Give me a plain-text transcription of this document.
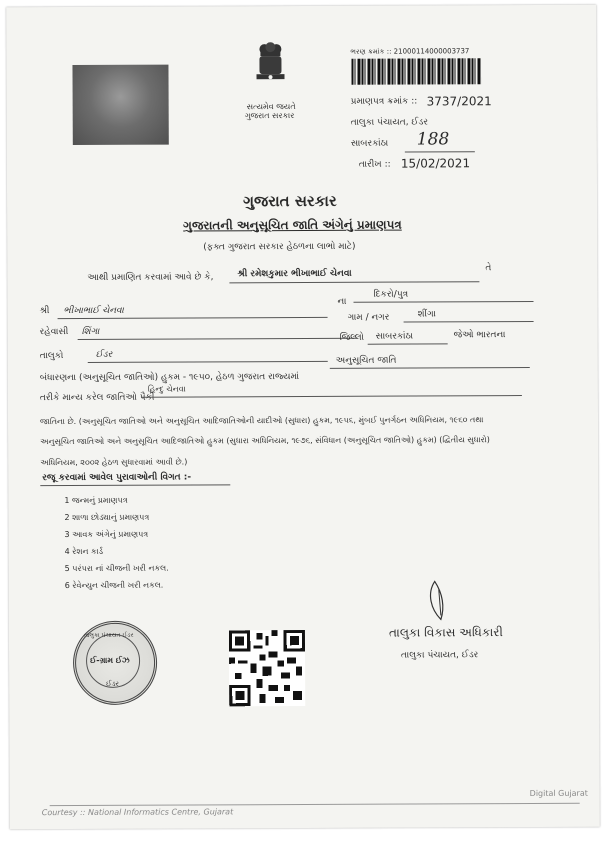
સત્યમેવ જયતે
ગુજરાત સરકાર
ભરણ ક્રમાંક :: 2100011400000373​7
પ્રમાણપત્ર ક્રમાંક :: 3737/2021
તાલુકા પંચાયત, ઈડર
સાબરકાંઠા 188
તારીખ :: 15/02/2021
ગુજરાત સરકાર
ગુજરાતની અનુસૂચિત જાતિ અંગેનું પ્રમાણપત્ર
(ફક્ત ગુજરાત સરકાર હેઠળના લાભો માટે)
આથી પ્રમાણિત કરવામાં આવે છે કે,	શ્રી રમેશકુમાર ભીખાભાઈ ચેનવા
તે
શ્રી ભીખાભાઈ ચેનવા
ના
દિકરો/પુત્ર
રહેવાસી શિંગા
ગામ / નગર	શીંગા
જિલ્લો સાબરકાંઠા	જેઓ ભારતના
તાલુકો	ઈડર
બંધારણના (અનુસૂચિત જાતિઓ) હુકમ - ૧૯૫૦, હેઠળ ગુજરાત રાજ્યમાં
અનુસૂચિત જાતિ
તરીકે માન્ય કરેલ જાતિઓ પૈકી
હિન્દુ ચેનવા
જાતિના છે. (અનુસૂચિત જાતિઓ અને અનુસૂચિત આદિજાતિઓની યાદીઓ (સુધારા) હુકમ, ૧૯૫૬, મુંબઈ પુનર્ગઠન અધિનિયમ, ૧૯૬૦ તથા
અનુસૂચિત જાતિઓ અને અનુસૂચિત આદિજાતિઓ હુકમ (સુધારા અધિનિયમ, ૧૯૭૬, સંવિધાન (અનુસૂચિત જાતિઓ) હુકમ) (દ્વિતીય સુધારો)
અધિનિયમ, ૨૦૦૨ હેઠળ સુધારવામાં આવી છે.)
રજૂ કરવામાં આવેલ પુરાવાઓની વિગત :-
1 જન્મનું પ્રમાણપત્ર
2 શાળા છોડ્યાનું પ્રમાણપત્ર
3 આવક અંગેનું પ્રમાણપત્ર
4 રેશન કાર્ડ
5 પરંપરા નાં ચીજની ખરી નકલ.
6 રેવેન્યુન ચીજની ખરી નકલ.
તાલુકા પંચાયત ઈડર
ઈ-ગ્રામ ઈઝ
ઈડર
તાલુકા વિકાસ અધિકારી
તાલુકા પંચાયત, ઈડર
Courtesy :: National Informatics Centre, Gujarat
Digital Gujarat
